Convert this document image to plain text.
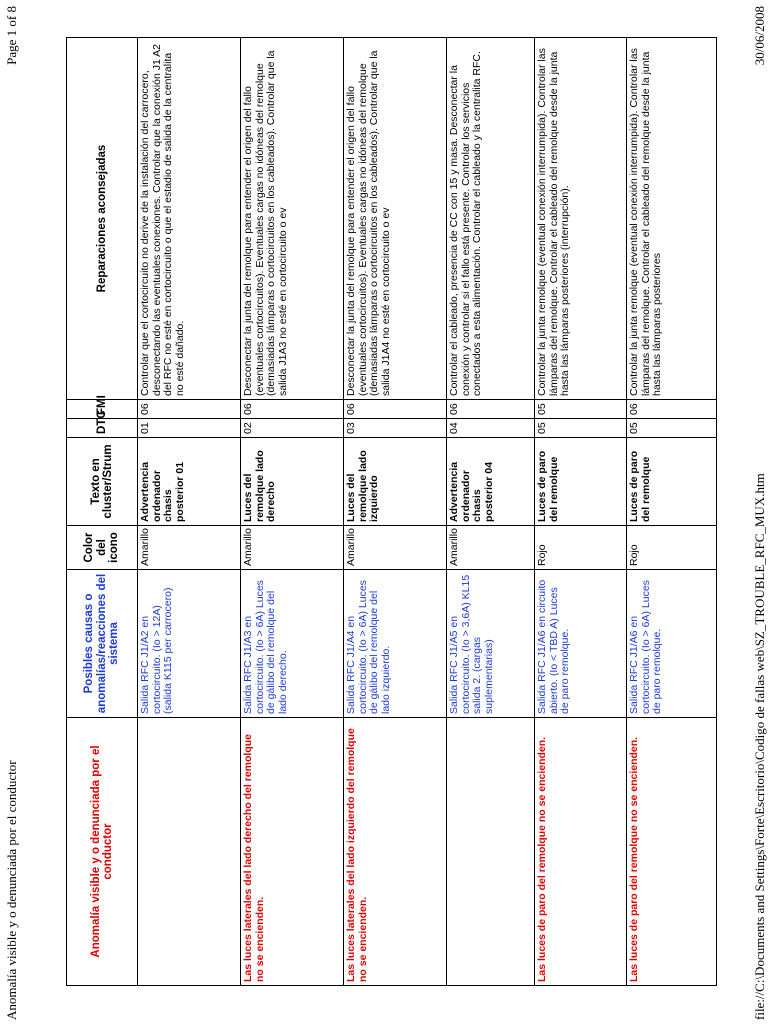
Anomalía visible y o denunciada por el conductor
Page 1 of 8
Anomalía visible y o denunciada por el conductor	Posibles causas o anomalías/reacciones del sistema	Color del icono	Texto en cluster/Strum	DTC	FMI	Reparaciones aconsejadas
	Salida RFC J1/A2 en cortocircuito. (Io > 12A) (salida K115 per carrocero)	Amarillo	Advertencia ordenador chasis posterior 01	01	06	Controlar que el cortocircuito no derive de la instalación del carrocero, desconectando las eventuales conexiones. Controlar que la conexión J1 A2 del RFC no esté en cortocircuito o que el estadio de salida de la centralita no esté dañado.
Las luces laterales del lado derecho del remolque no se encienden.	Salida RFC J1/A3 en cortocircuito. (Io > 6A) Luces de gálibo del remolque del lado derecho.	Amarillo	Luces del remolque lado derecho	02	06	Desconectar la junta del remolque para entender el origen del fallo (eventuales cortocircuitos). Eventuales cargas no idóneas del remolque (demasiadas lámparas o cortocircuitos en los cableados). Controlar que la salida J1A3 no esté en cortocircuito o ev
Las luces laterales del lado izquierdo del remolque no se encienden.	Salida RFC J1/A4 en cortocircuito. (Io > 6A) Luces de gálibo del remolque del lado izquierdo.	Amarillo	Luces del remolque lado izquierdo	03	06	Desconectar la junta del remolque para entender el origen del fallo (eventuales cortocircuitos). Eventuales cargas no idóneas del remolque (demasiadas lámparas o cortocircuitos en los cableados). Controlar que la salida J1A4 no esté en cortocircuito o ev
	Salida RFC J1/A5 en cortocircuito. (Io > 3,6A) KL15 salida 2. (cargas suplementarias)	Amarillo	Advertencia ordenador chasis posterior 04	04	06	Controlar el cableado, presencia de CC con 15 y masa. Desconectar la conexión y controlar si el fallo está presente. Controlar los servicios conectados a esta alimentación. Controlar el cableado y la centralita RFC.
Las luces de paro del remolque no se encienden.	Salida RFC J1/A6 en circuito abierto. (Io < TBD A) Luces de paro remolque.	Rojo	Luces de paro del remolque	05	05	Controlar la junta remolque (eventual conexión interrumpida). Controlar las lámparas del remolque. Controlar el cableado del remolque desde la junta hasta las lámparas posteriores (interrupción).
Las luces de paro del remolque no se encienden.	Salida RFC J1/A6 en cortocircuito. (Io > 6A) Luces de paro remolque.	Rojo	Luces de paro del remolque	05	06	Controlar la junta remolque (eventual conexión interrumpida). Controlar las lámparas del remolque. Controlar el cableado del remolque desde la junta hasta las lámparas posteriores
file://C:\Documents and Settings\Forte\Escritorio\Codigo de fallas web\SZ_TROUBLE_RFC_MUX.htm
30/06/2008
